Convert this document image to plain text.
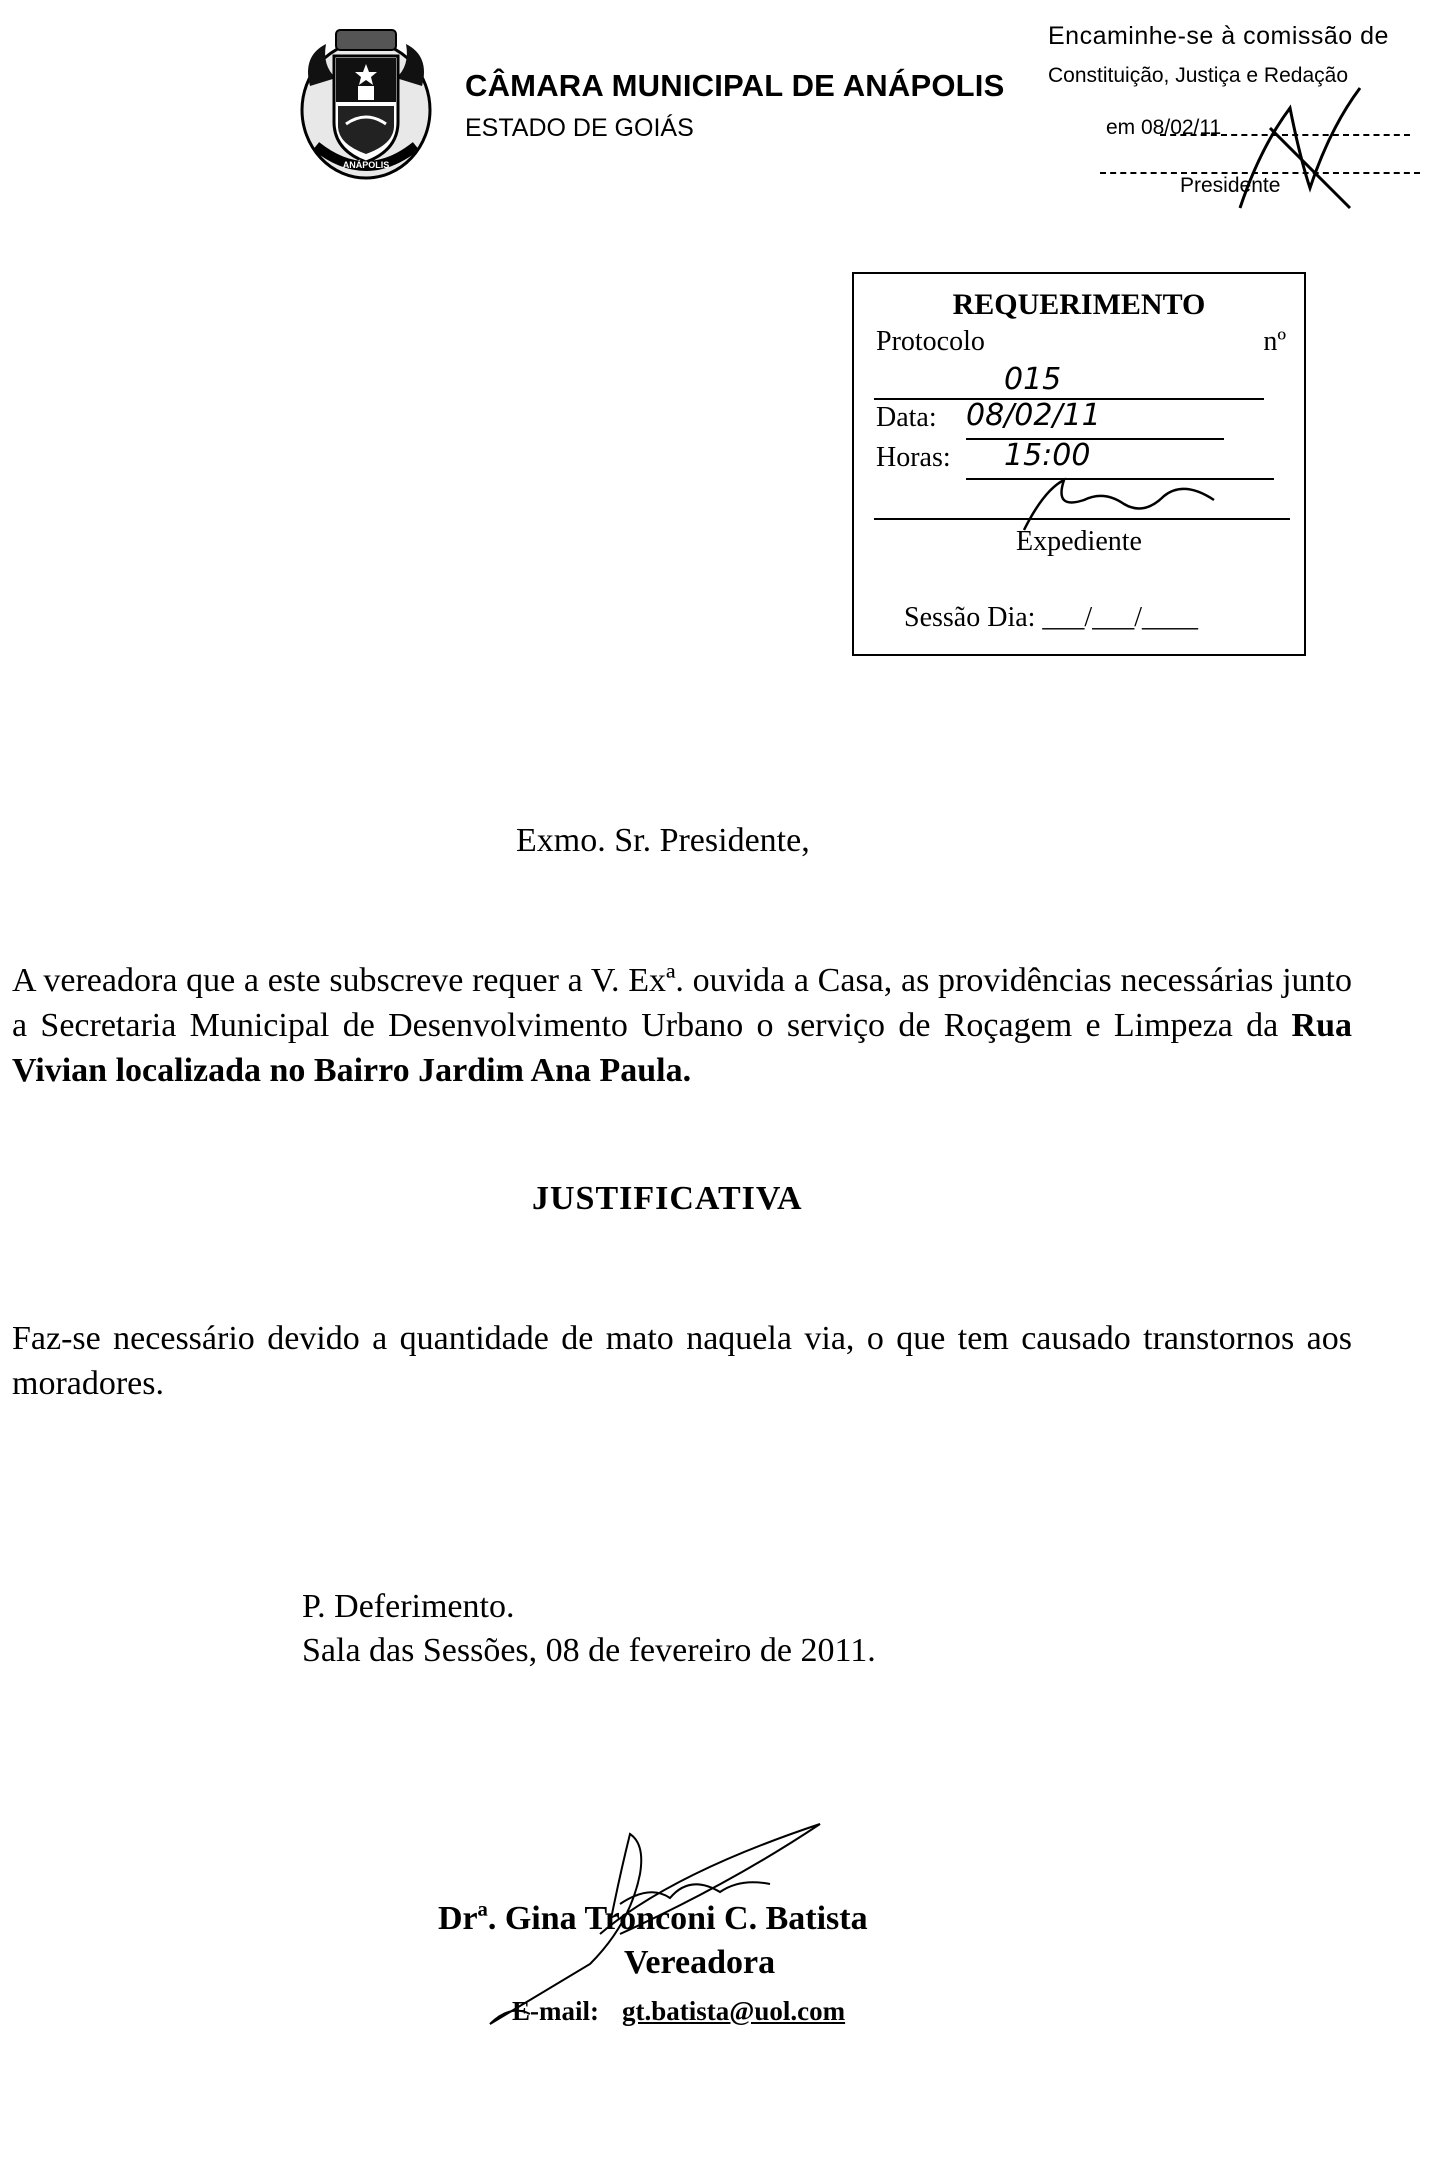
ANÁPOLIS
CÂMARA MUNICIPAL DE ANÁPOLIS
ESTADO DE GOIÁS
Encaminhe-se à comissão de
Constituição, Justiça e Redação
em 08/02/11
Presidente
REQUERIMENTO
Protocolo	nº
015
Data: 08/02/11
Horas: 15:00
Expediente
Sessão Dia: ___/___/____
Exmo. Sr. Presidente,
A vereadora que a este subscreve requer a V. Exª. ouvida a Casa, as providências necessárias junto a Secretaria Municipal de Desenvolvimento Urbano o serviço de Roçagem e Limpeza da Rua Vivian localizada no Bairro Jardim Ana Paula.
JUSTIFICATIVA
Faz-se necessário devido a quantidade de mato naquela via, o que tem causado transtornos aos moradores.
P. Deferimento.
Sala das Sessões, 08 de fevereiro de 2011.
Drª. Gina Tronconi C. Batista
Vereadora
E-mail: gt.batista@uol.com
